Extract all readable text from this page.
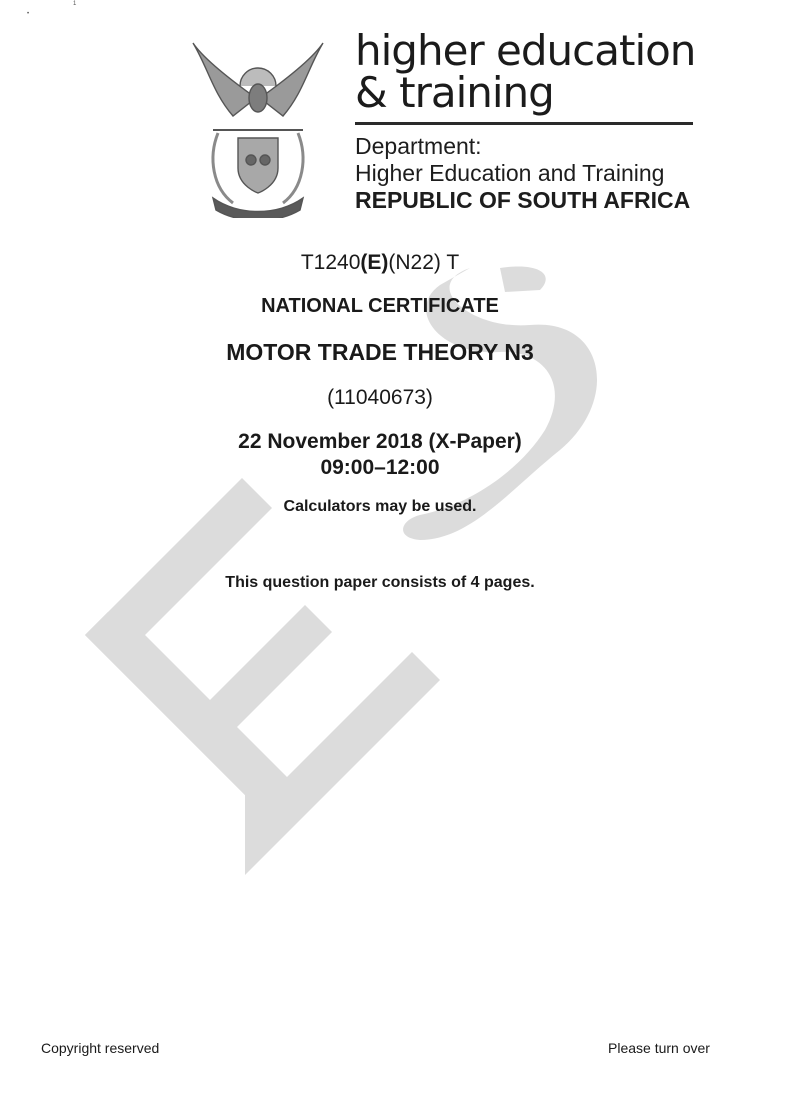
1
•
higher education
& training
Department:
Higher Education and Training
REPUBLIC OF SOUTH AFRICA
T1240(E)(N22) T
NATIONAL CERTIFICATE
MOTOR TRADE THEORY N3
(11040673)
22 November 2018 (X-Paper)
09:00–12:00
Calculators may be used.
This question paper consists of 4 pages.
Copyright reserved	Please turn over
